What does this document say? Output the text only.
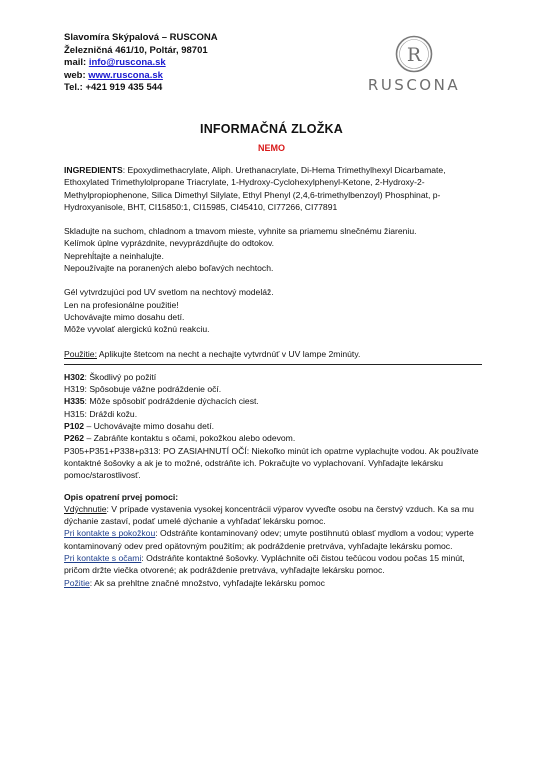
Slavomíra Skýpalová – RUSCONA
Železničná 461/10, Poltár, 98701
mail: info@ruscona.sk
web: www.ruscona.sk
Tel.: +421 919 435 544
R
RUSCONA
INFORMAČNÁ ZLOŽKA
NEMO

INGREDIENTS: Epoxydimethacrylate, Aliph. Urethanacrylate, Di-Hema Trimethylhexyl Dicarbamate, Ethoxylated Trimethylolpropane Triacrylate, 1-Hydroxy-Cyclohexylphenyl-Ketone, 2-Hydroxy-2-Methylpropiophenone, Silica Dimethyl Silylate, Ethyl Phenyl (2,4,6-trimethylbenzoyl) Phosphinat, p-Hydroxyanisole, BHT, CI15850:1, CI15985, CI45410, CI77266, CI77891

Skladujte na suchom, chladnom a tmavom mieste, vyhnite sa priamemu slnečnému žiareniu.

Kelímok úplne vyprázdnite, nevyprázdňujte do odtokov.

Neprehĺtajte a neinhalujte.

Nepoužívajte na poranených alebo boľavých nechtoch.

Gél vytvrdzujúci pod UV svetlom na nechtový modeláž.

Len na profesionálne použitie!

Uchovávajte mimo dosahu detí.

Môže vyvolať alergickú kožnú reakciu.

Použitie: Aplikujte štetcom na necht a nechajte vytvrdnúť v UV lampe 2minúty.

H302: Škodlivý po požití

H319: Spôsobuje vážne podráždenie očí.

H335: Môže spôsobiť podráždenie dýchacích ciest.

H315: Dráždi kožu.

P102 – Uchovávajte mimo dosahu detí.

P262 – Zabráňte kontaktu s očami, pokožkou alebo odevom.

P305+P351+P338+p313: PO ZASIAHNUTÍ OČÍ: Niekoľko minút ich opatrne vyplachujte vodou. Ak používate kontaktné šošovky a ak je to možné, odstráňte ich. Pokračujte vo vyplachovaní. Vyhľadajte lekársku pomoc/starostlivosť.

Opis opatrení prvej pomoci:

Vdýchnutie: V prípade vystavenia vysokej koncentrácii výparov vyveďte osobu na čerstvý vzduch. Ka sa mu dýchanie zastaví, podať umelé dýchanie a vyhľadať lekársku pomoc.

Pri kontakte s pokožkou: Odstráňte kontaminovaný odev; umyte postihnutú oblasť mydlom a vodou; vyperte kontaminovaný odev pred opätovným použitím; ak podráždenie pretrváva, vyhľadajte lekársku pomoc.

Pri kontakte s očami: Odstráňte kontaktné šošovky. Vypláchnite oči čistou tečúcou vodou počas 15 minút, pričom držte viečka otvorené; ak podráždenie pretrváva, vyhľadajte lekársku pomoc.

Požitie: Ak sa prehltne značné množstvo, vyhľadajte lekársku pomoc
